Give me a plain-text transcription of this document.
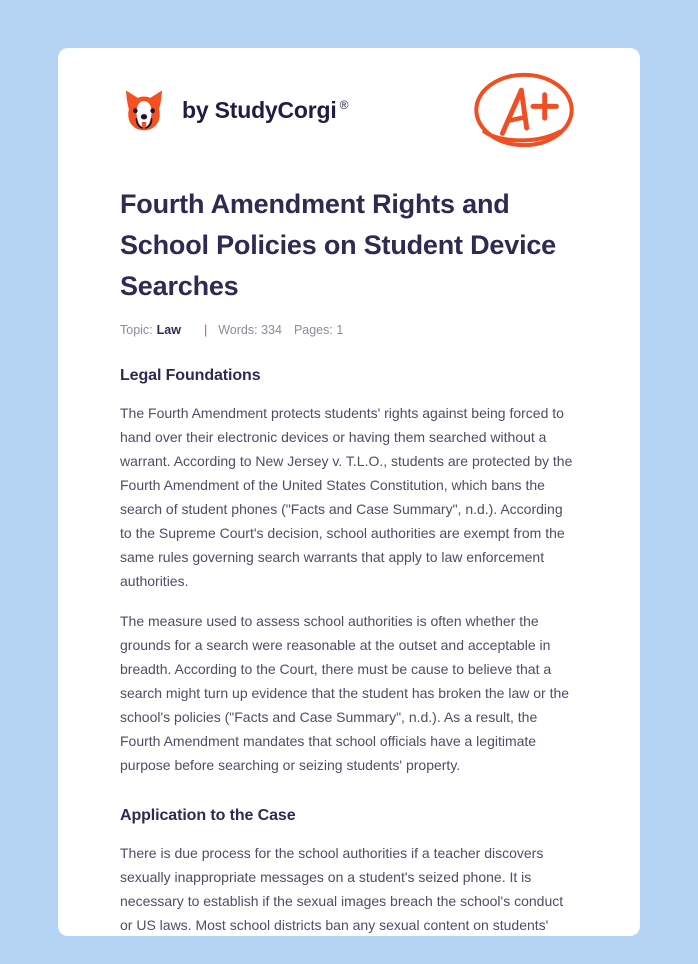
by StudyCorgi ®
Fourth Amendment Rights and School Policies on Student Device Searches
Topic: Law | Words: 334 Pages: 1
Legal Foundations

The Fourth Amendment protects students' rights against being forced to hand over their electronic devices or having them searched without a warrant. According to New Jersey v. T.L.O., students are protected by the Fourth Amendment of the United States Constitution, which bans the search of student phones ("Facts and Case Summary", n.d.). According to the Supreme Court's decision, school authorities are exempt from the same rules governing search warrants that apply to law enforcement authorities.

The measure used to assess school authorities is often whether the grounds for a search were reasonable at the outset and acceptable in breadth. According to the Court, there must be cause to believe that a search might turn up evidence that the student has broken the law or the school's policies ("Facts and Case Summary", n.d.). As a result, the Fourth Amendment mandates that school officials have a legitimate purpose before searching or seizing students' property.

Application to the Case

There is due process for the school authorities if a teacher discovers sexually inappropriate messages on a student's seized phone. It is necessary to establish if the sexual images breach the school's conduct or US laws. Most school districts ban any sexual content on students'
